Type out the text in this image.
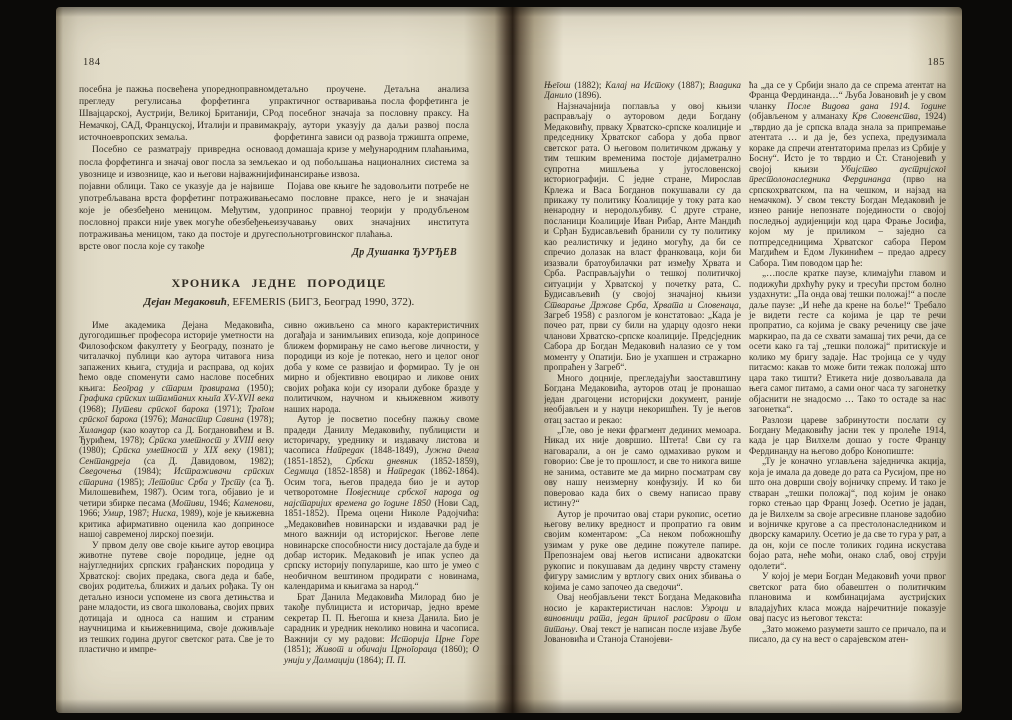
184	185

посебна је пажња посвећена упоредноправном прегледу регулисања форфетинга у Швајцарској, Аустрији, Великој Британији, СР Немачкој, САД, Француској, Италији и правима источноевропских земаља.

Посебно се разматрају привредна основа посла форфетинга и значај овог посла за земље увознице и извознице, као и његови најважнији појавни облици. Тако се указује да је највише употребљавана врста форфетинг потраживање које је обезбеђено меницом. Међутим, у пословној пракси није увек могуће обезбеђење потраживања меницом, тако да постоје и друге врсте овог посла које су такође

детаљно проучене. Детаљна анализа практичног остваривања посла форфетинга је од посебног значаја за пословну праксу. На крају, аутори указују да даљи развој посла форфетинга зависи од развоја тржишта опреме, од домашаја кризе у међународним плаћањима, као и од побољшања националних система за финансирање извоза.

Појава ове књиге ће задовољити потребе не само пословне праксе, него је и значајан допринос правној теорији у продубљеном изучавању ових значајних института спољнотрговинског плаћања.

Др Душанка ЂУРЂЕВ
ХРОНИКА ЈЕДНЕ ПОРОДИЦЕ

Дејан Медаковић, EFEMERIS (БИГЗ, Београд 1990, 372).

Име академика Дејана Медаковића, дугогодишњег професора историје уметности на Филозофском факултету у Београду, познато је читалачкој публици као аутора читавога низа запажених књига, студија и расправа, од којих ћемо овде споменути само наслове посебних књига: Београд у старим гравирама (1950); Графика српских штампаних књига XV-XVII века (1968); Путеви српског барока (1971); Трагом српског барока (1976); Манастир Савина (1978); Хиландар (као коаутор са Д. Богдановићем и В. Ђурићем, 1978); Српска уметност у XVIII веку (1980); Српска уметност у XIX веку (1981); Сентандреја (са Д. Давидовом, 1982); Сведочења (1984); Истраживачи српских старина (1985); Летопис Срба у Трсту (са Ђ. Милошевићем, 1987). Осим тога, објавио је и четири збирке песама (Мотиви, 1946; Каменови, 1966; Умир, 1987; Ниска, 1989), које је књижевна критика афирмативно оценила као доприносе нашој савременој лирској поезији.

У првом делу ове своје књиге аутор евоцира животне путеве своје породице, једне од најугледнијих српских грађанских породица у Хрватској: својих предака, свога деда и бабе, својих родитеља, ближих и даљих рођака. Ту он детаљно износи успомене из свога детињства и ране младости, из свога школовања, својих првих дотицаја и односа са нашим и страним научницима и књижевницима, своје доживљаје из тешких година другог светског рата. Све је то пластично и импре-

сивно оживљено са много карактеристичних догађаја и занимљивих епизода, које доприносе ближем формирању не само његове личности, у породици из које је потекао, него и целог оног доба у коме се развијао и формирао. Ту је он мирно и објективно евоцирао и ликове оних својих рођака који су изорали дубоке бразде у политичком, научном и књижевном животу наших народа.

Аутор је посветио посебну пажњу своме прадеди Данилу Медаковићу, публицисти и историчару, уреднику и издавачу листова и часописа Напредак (1848-1849), Јужна пчела (1851-1852), Србски дневник (1852-1859), Седмица (1852-1858) и Напредак (1862-1864). Осим тога, његов прадеда био је и аутор четворотомне Повјеснице србског народа од најстаријих времена до године 1850 (Нови Сад, 1851-1852). Према оцени Николе Радојчића: „Медаковићев новинарски и издавачки рад је много важнији од историјског. Његове лепе новинарске способности нису достајале да буде и добар историк. Медаковић је ипак успео да српску историју популарише, као што је умео с необичном вештином продирати с новинама, календарима и књигама за народ.“

Брат Данила Медаковића Милорад био је такође публициста и историчар, једно време секретар П. П. Његоша и кнеза Данила. Био је сарадник и уредник неколико новина и часописа. Важнији су му радови: Историја Црне Горе (1851); Живот и обичаји Црногораца (1860); О унији у Далмацији (1864); П. П.

Његош (1882); Калај на Истоку (1887); Владика Данило (1896).

Најзначајнија поглавља у овој књизи расправљају о ауторовом деди Богдану Медаковићу, прваку Хрватско-српске коалиције и председнику Хрватског сабора у доба првог светског рата. О његовом политичком држању у тим тешким временима постоје дијаметрално супротна мишљења у југословенској историографији. С једне стране, Мирослав Крлежа и Васа Богданов покушавали су да прикажу ту политику Коалиције у току рата као ненародну и неродољубиву. С друге стране, посланици Коалиције Иван Рибар, Анте Мандић и Срђан Будисављевић бранили су ту политику као реалистичку и једино могућу, да би се спречио долазак на власт франковаца, који би изазвали братоубилачки рат између Хрвата и Срба. Расправљајући о тешкој политичкој ситуацији у Хрватској у почетку рата, С. Будисављевић (у својој значајној књизи Стварање Државе Срба, Хрвата и Словенаца, Загреб 1958) с разлогом је констатовао: „Када је почео рат, први су били на ударцу одозго неки чланови Хрватско-српске коалиције. Предсједник Сабора др Богдан Медаковић налазио се у том моменту у Опатији. Био је ухапшен и стражарно пропраћен у Загреб“.

Много доцније, прегледајући заоставштину Богдана Медаковића, ауторов отац је пронашао један драгоцени историјски документ, раније необјављен и у науци некоришћен. Ту је његов отац застао и рекао:

„Гле, ово је неки фрагмент дединих мемоара. Никад их није довршио. Штета! Сви су га наговарали, а он је само одмахивао руком и говорио: Све је то прошлост, и све то никога више не занима, оставите ме да мирно посматрам сву ову нашу неизмерну конфузију. И ко би поверовао када бих о свему написао праву истину?“

Аутор је прочитао овај стари рукопис, осетио његову велику вредност и пропратио га овим својим коментаром: „Са неком побожношћу узимам у руке ове дедине пожутеле папире. Препознајем овај његов исписани адвокатски рукопис и покушавам да дедину чврсту стамену фигуру замислим у вртлогу свих оних збивања о којима је само започео да сведочи“.

Овај необјављени текст Богдана Медаковића носио је карактеристичан наслов: Узроци и виновници рата, један прилог расправи о том питању. Овај текст је написан после изјаве Љубе Јовановића и Станоја Станојеви-

ћа „да се у Србији знало да се спрема атентат на Франца Фердинанда…“ Љуба Јовановић је у свом чланку После Видова дана 1914. године (објављеном у алманаху Крв Словенства, 1924) „тврдио да је српска влада знала за припремање атентата … и да је, без успеха, предузимала кораке да спречи атентаторима прелаз из Србије у Босну“. Исто је то тврдио и Ст. Станојевић у својој књизи Убијство аустријског престолонаследника Фердинанда (прво на српскохрватском, па на чешком, и најзад на немачком). У свом тексту Богдан Медаковић је изнео раније непознате појединости о својој последњој аудијенцији код цара Фрање Јосифа, којом му је приликом – заједно са потпредседницима Хрватског сабора Пером Магдићем и Едом Лукинићем – предао адресу Сабора. Тим поводом цар ће:

„…после кратке паузе, климајући главом и подижући дрхћућу руку и тресући прстом болно уздахнути: „Па онда овај тешки положај!“ а после даље паузе: „И неће да крене на боље!“ Требало је видети гесте са којима је цар те речи пропратио, са којима је сваку реченицу све јаче маркирао, па да се схвати замашај тих речи, да се осети како га тај „тешки положај“ притискује и колико му бригу задаје. Нас тројица се у чуду питасмо: какав то може бити тежак положај што цара тако тишти? Етикета није дозвољавала да њега самог питамо, а сами оног часа ту загонетку објаснити не знадосмо … Тако то остаде за нас загонетка“.

Разлози цареве забринутости послати су Богдану Медаковићу јасни тек у пролеће 1914, када је цар Вилхелм дошао у госте Францу Фердинанду на његово добро Конопиште:

„Ту је коначно углављена заједничка акција, која је имала да доведе до рата са Русијом, пре но што она доврши своју војничку спрему. И тако је стваран „тешки положај“, под којим је онако горко стењао цар Франц Јозеф. Осетио је јадан, да је Вилхелм за своје агресивне планове задобио и војничке кругове а са престолонаследником и дворску камарилу. Осетио је да све то гура у рат, а да он, који се после толиких година искустава бојао рата, неће моћи, онако слаб, овој струји одолети“.

У којој је мери Богдан Медаковић уочи првог светског рата био обавештен о политичким плановима и комбинацијама аустријских владајућих класа можда најречитније показује овај пасус из његовог текста:

„Зато можемо разумети зашто се причало, па и писало, да су на вест о сарајевском атен-
